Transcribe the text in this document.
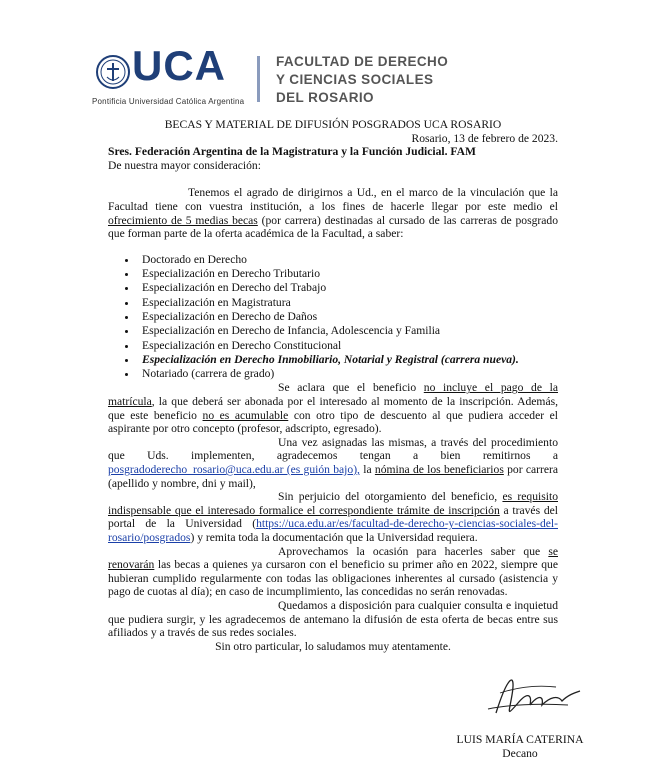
UCA
Pontificia Universidad Católica Argentina
FACULTAD DE DERECHO
Y CIENCIAS SOCIALES
DEL ROSARIO

BECAS Y MATERIAL DE DIFUSIÓN POSGRADOS UCA ROSARIO

Rosario, 13 de febrero de 2023.

Sres. Federación Argentina de la Magistratura y la Función Judicial. FAM

De nuestra mayor consideración:

Tenemos el agrado de dirigirnos a Ud., en el marco de la vinculación que la Facultad tiene con vuestra institución, a los fines de hacerle llegar por este medio el ofrecimiento de 5 medias becas (por carrera) destinadas al cursado de las carreras de posgrado que forman parte de la oferta académica de la Facultad, a saber:

• Doctorado en Derecho
• Especialización en Derecho Tributario
• Especialización en Derecho del Trabajo
• Especialización en Magistratura
• Especialización en Derecho de Daños
• Especialización en Derecho de Infancia, Adolescencia y Familia
• Especialización en Derecho Constitucional
• Especialización en Derecho Inmobiliario, Notarial y Registral (carrera nueva).
• Notariado (carrera de grado)

Se aclara que el beneficio no incluye el pago de la matrícula, la que deberá ser abonada por el interesado al momento de la inscripción. Además, que este beneficio no es acumulable con otro tipo de descuento al que pudiera acceder el aspirante por otro concepto (profesor, adscripto, egresado).

Una vez asignadas las mismas, a través del procedimiento que Uds. implementen, agradecemos tengan a bien remitirnos a posgradoderecho_rosario@uca.edu.ar (es guión bajo), la nómina de los beneficiarios por carrera (apellido y nombre, dni y mail),

Sin perjuicio del otorgamiento del beneficio, es requisito indispensable que el interesado formalice el correspondiente trámite de inscripción a través del portal de la Universidad (https://uca.edu.ar/es/facultad-de-derecho-y-ciencias-sociales-del-rosario/posgrados) y remita toda la documentación que la Universidad requiera.

Aprovechamos la ocasión para hacerles saber que se renovarán las becas a quienes ya cursaron con el beneficio su primer año en 2022, siempre que hubieran cumplido regularmente con todas las obligaciones inherentes al cursado (asistencia y pago de cuotas al día); en caso de incumplimiento, las concedidas no serán renovadas.

Quedamos a disposición para cualquier consulta e inquietud que pudiera surgir, y les agradecemos de antemano la difusión de esta oferta de becas entre sus afiliados y a través de sus redes sociales.

Sin otro particular, lo saludamos muy atentamente.

LUIS MARÍA CATERINA
Decano
